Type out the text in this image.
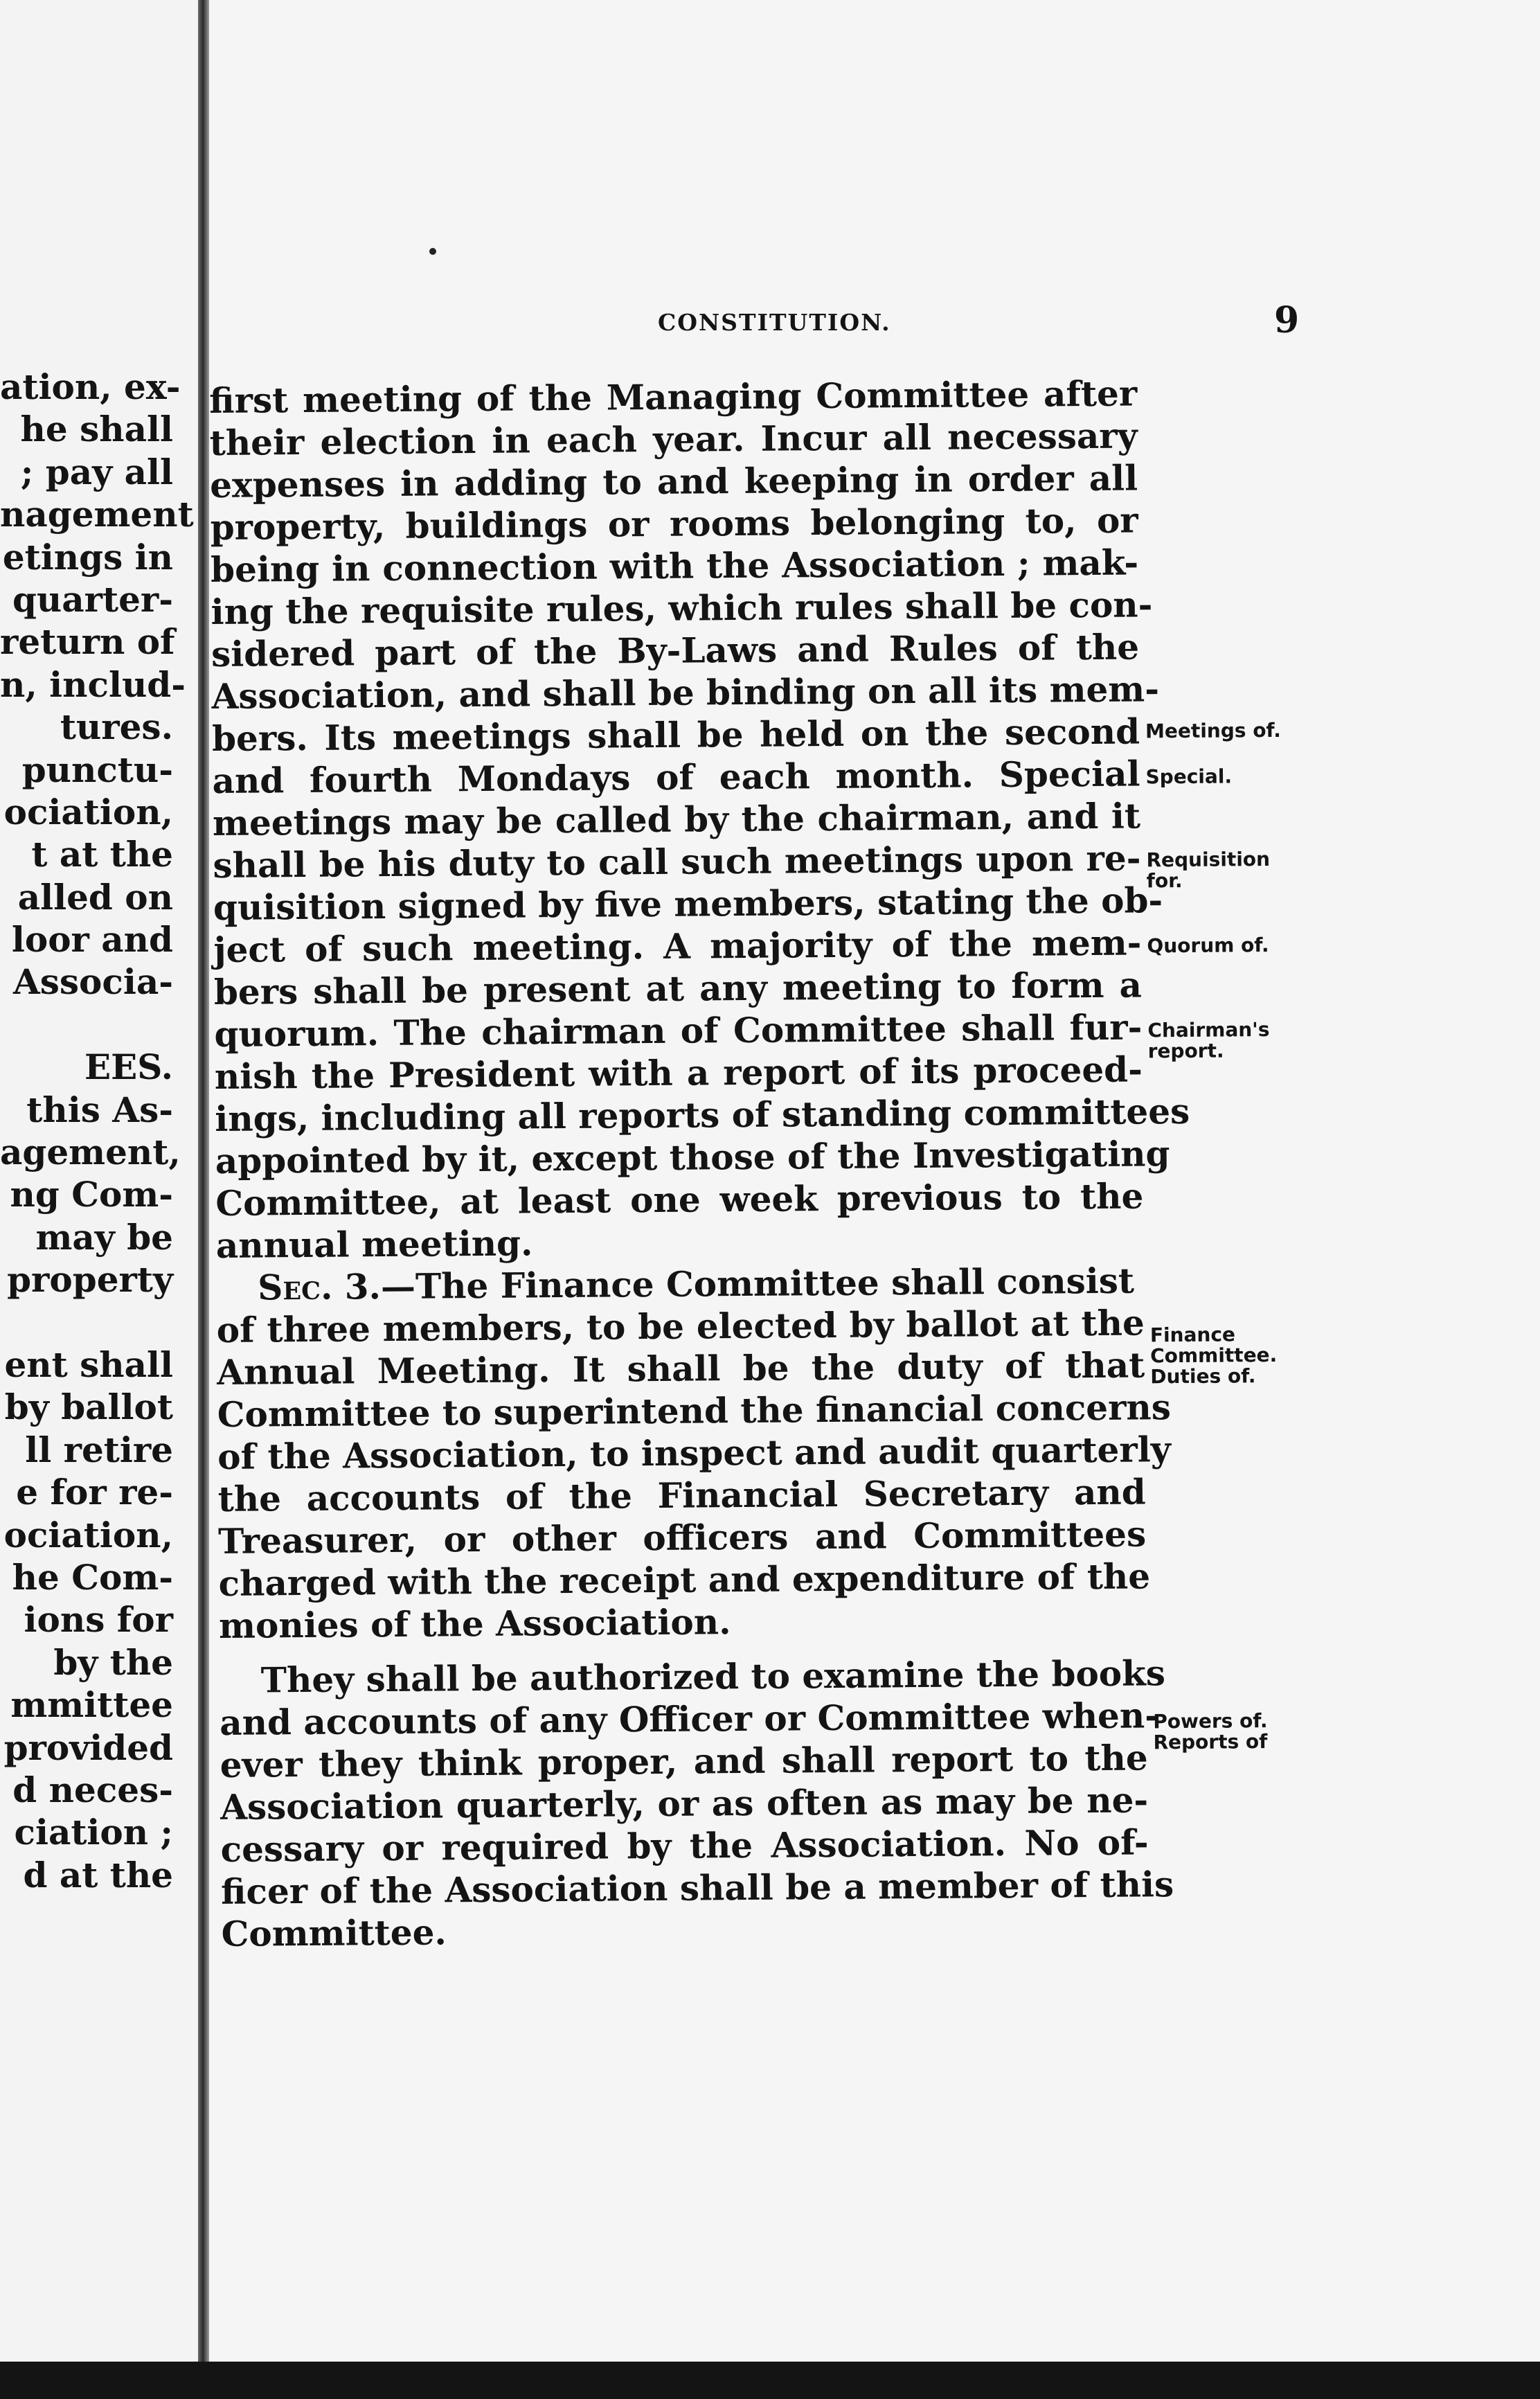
ation, ex-
he shall
; pay all
nagement
etings in
quarter-
return of
n, includ-
tures.
punctu-
ociation,
t at the
alled on
loor and
Associa-
EES.
this As-
agement,
ng Com-
may be
property
ent shall
by ballot
ll retire
e for re-
ociation,
he Com-
ions for
by the
mmittee
provided
d neces-
ciation ;
d at the
CONSTITUTION.	9
first meeting of the Managing Committee after
their election in each year. Incur all necessary
expenses in adding to and keeping in order all
property, buildings or rooms belonging to, or
being in connection with the Association ; mak-
ing the requisite rules, which rules shall be con-
sidered part of the By-Laws and Rules of the
Association, and shall be binding on all its mem-
bers. Its meetings shall be held on the second
and fourth Mondays of each month. Special
meetings may be called by the chairman, and it
shall be his duty to call such meetings upon re-
quisition signed by five members, stating the ob-
ject of such meeting. A majority of the mem-
bers shall be present at any meeting to form a
quorum. The chairman of Committee shall fur-
nish the President with a report of its proceed-
ings, including all reports of standing committees
appointed by it, except those of the Investigating
Committee, at least one week previous to the
annual meeting.
Sec. 3.—The Finance Committee shall consist
of three members, to be elected by ballot at the
Annual Meeting. It shall be the duty of that
Committee to superintend the financial concerns
of the Association, to inspect and audit quarterly
the accounts of the Financial Secretary and
Treasurer, or other officers and Committees
charged with the receipt and expenditure of the
monies of the Association.
They shall be authorized to examine the books
and accounts of any Officer or Committee when-
ever they think proper, and shall report to the
Association quarterly, or as often as may be ne-
cessary or required by the Association. No of-
ficer of the Association shall be a member of this
Committee.
Meetings of.
Special.
Requisition
for.
Quorum of.
Chairman's
report.
Finance
Committee.
Duties of.
Powers of.
Reports of
